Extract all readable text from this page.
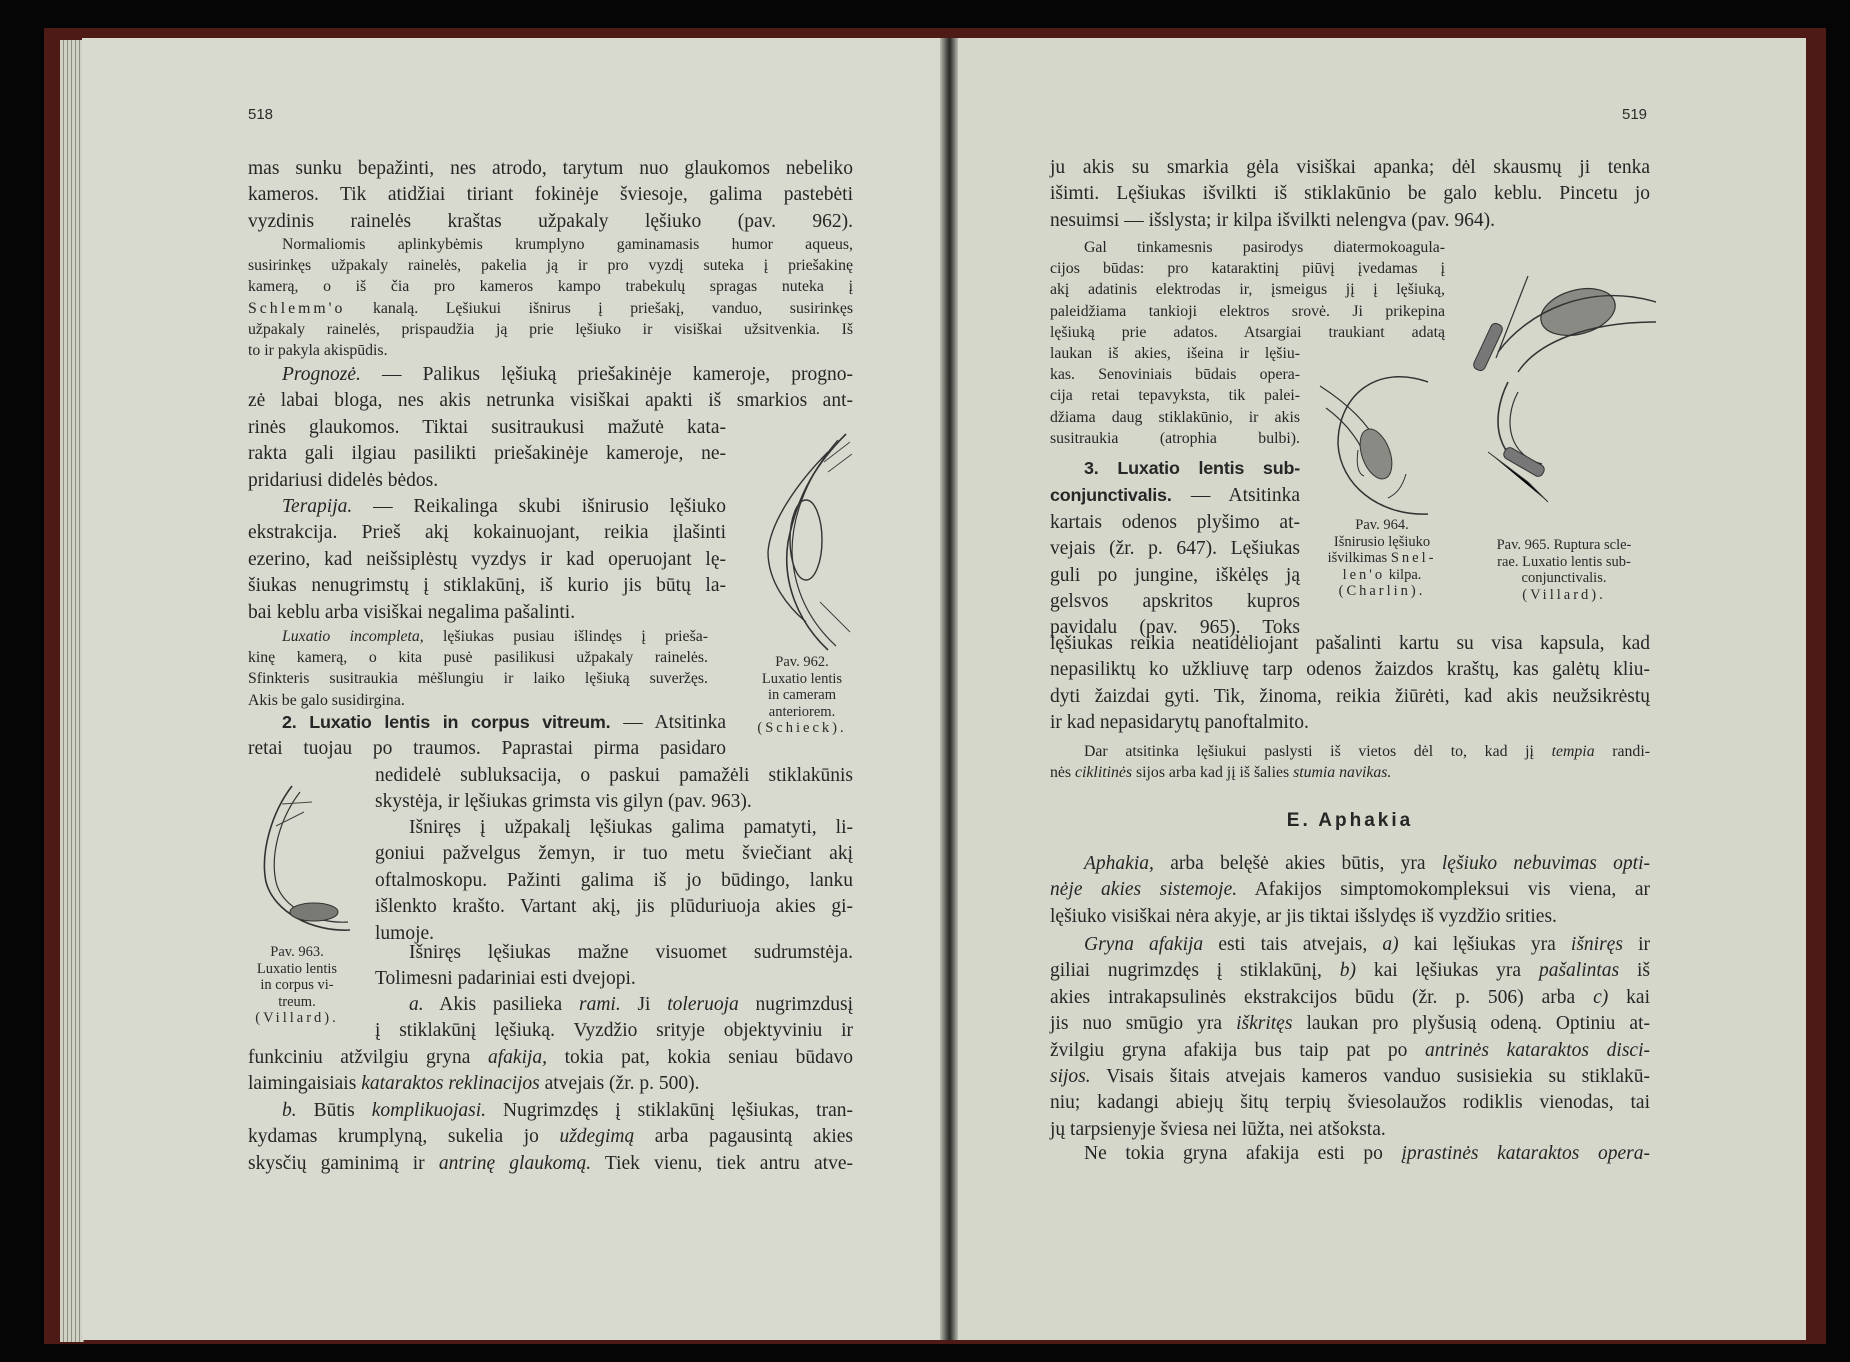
518	519
mas sunku bepažinti, nes atrodo, tarytum nuo glaukomos nebeliko
kameros. Tik atidžiai tiriant fokinėje šviesoje, galima pastebėti
vyzdinis rainelės kraštas užpakaly lęšiuko (pav. 962).
Normaliomis aplinkybėmis krumplyno gaminamasis humor aqueus,
susirinkęs užpakaly rainelės, pakelia ją ir pro vyzdį suteka į priešakinę
kamerą, o iš čia pro kameros kampo trabekulų spragas nuteka į
Schlemm'o kanalą. Lęšiukui išnirus į priešakį, vanduo, susirinkęs
užpakaly rainelės, prispaudžia ją prie lęšiuko ir visiškai užsitvenkia. Iš
to ir pakyla akispūdis.
Prognozė. — Palikus lęšiuką priešakinėje kameroje, progno-
zė labai bloga, nes akis netrunka visiškai apakti iš smarkios ant-
rinės glaukomos. Tiktai susitraukusi mažutė kata-
rakta gali ilgiau pasilikti priešakinėje kameroje, ne-
pridariusi didelės bėdos.
Terapija. — Reikalinga skubi išnirusio lęšiuko
ekstrakcija. Prieš akį kokainuojant, reikia įlašinti
ezerino, kad neišsiplėstų vyzdys ir kad operuojant lę-
šiukas nenugrimstų į stiklakūnį, iš kurio jis būtų la-
bai keblu arba visiškai negalima pašalinti.
Luxatio incompleta, lęšiukas pusiau išlindęs į prieša-
kinę kamerą, o kita pusė pasilikusi užpakaly rainelės.
Sfinkteris susitraukia mėšlungiu ir laiko lęšiuką suveržęs.
Akis be galo susidirgina.
2. Luxatio lentis in corpus vitreum. — Atsitinka
retai tuojau po traumos. Paprastai pirma pasidaro
nedidelė subluksacija, o paskui pamažėli stiklakūnis
skystėja, ir lęšiukas grimsta vis gilyn (pav. 963).
Išniręs į užpakalį lęšiukas galima pamatyti, li-
goniui pažvelgus žemyn, ir tuo metu šviečiant akį
oftalmoskopu. Pažinti galima iš jo būdingo, lanku
išlenkto krašto. Vartant akį, jis plūduriuoja akies gi-
lumoje.
Išniręs lęšiukas mažne visuomet sudrumstėja.
Tolimesni padariniai esti dvejopi.
a. Akis pasilieka rami. Ji toleruoja nugrimzdusį
į stiklakūnį lęšiuką. Vyzdžio srityje objektyviniu ir
funkciniu atžvilgiu gryna afakija, tokia pat, kokia seniau būdavo
laimingaisiais kataraktos reklinacijos atvejais (žr. p. 500).
b. Būtis komplikuojasi. Nugrimzdęs į stiklakūnį lęšiukas, tran-
kydamas krumplyną, sukelia jo uždegimą arba pagausintą akies
skysčių gaminimą ir antrinę glaukomą. Tiek vienu, tiek antru atve-
Pav. 962.
Luxatio lentis
in cameram
anteriorem.
(Schieck).
Pav. 963.
Luxatio lentis
in corpus vi-
treum.
(Villard).
ju akis su smarkia gėla visiškai apanka; dėl skausmų ji tenka
išimti. Lęšiukas išvilkti iš stiklakūnio be galo keblu. Pincetu jo
nesuimsi — išslysta; ir kilpa išvilkti nelengva (pav. 964).
Gal tinkamesnis pasirodys diatermokoagula-
cijos būdas: pro kataraktinį piūvį įvedamas į
akį adatinis elektrodas ir, įsmeigus jį į lęšiuką,
paleidžiama tankioji elektros srovė. Ji prikepina
lęšiuką prie adatos. Atsargiai traukiant adatą
laukan iš akies, išeina ir lęšiu-
kas. Senoviniais būdais opera-
cija retai tepavyksta, tik palei-
džiama daug stiklakūnio, ir akis
susitraukia (atrophia bulbi).
3. Luxatio lentis sub-
conjunctivalis. — Atsitinka
kartais odenos plyšimo at-
vejais (žr. p. 647). Lęšiukas
guli po jungine, iškėlęs ją
gelsvos apskritos kupros
pavidalu (pav. 965). Toks
lęšiukas reikia neatidėliojant pašalinti kartu su visa kapsula, kad
nepasiliktų ko užkliuvę tarp odenos žaizdos kraštų, kas galėtų kliu-
dyti žaizdai gyti. Tik, žinoma, reikia žiūrėti, kad akis neužsikrėstų
ir kad nepasidarytų panoftalmito.
Dar atsitinka lęšiukui paslysti iš vietos dėl to, kad jį tempia randi-
nės ciklitinės sijos arba kad jį iš šalies stumia navikas.
E. Aphakia
Aphakia, arba belęšė akies būtis, yra lęšiuko nebuvimas opti-
nėje akies sistemoje. Afakijos simptomokompleksui vis viena, ar
lęšiuko visiškai nėra akyje, ar jis tiktai išslydęs iš vyzdžio srities.
Gryna afakija esti tais atvejais, a) kai lęšiukas yra išniręs ir
giliai nugrimzdęs į stiklakūnį, b) kai lęšiukas yra pašalintas iš
akies intrakapsulinės ekstrakcijos būdu (žr. p. 506) arba c) kai
jis nuo smūgio yra iškritęs laukan pro plyšusią odeną. Optiniu at-
žvilgiu gryna afakija bus taip pat po antrinės kataraktos disci-
sijos. Visais šitais atvejais kameros vanduo susisiekia su stiklakū-
niu; kadangi abiejų šitų terpių šviesolaužos rodiklis vienodas, tai
jų tarpsienyje šviesa nei lūžta, nei atšoksta.
Ne tokia gryna afakija esti po įprastinės kataraktos opera-
Pav. 964.
Išnirusio lęšiuko
išvilkimas Snel-
len'o kilpa.
(Charlin).
Pav. 965. Ruptura scle-
rae. Luxatio lentis sub-
conjunctivalis.
(Villard).
